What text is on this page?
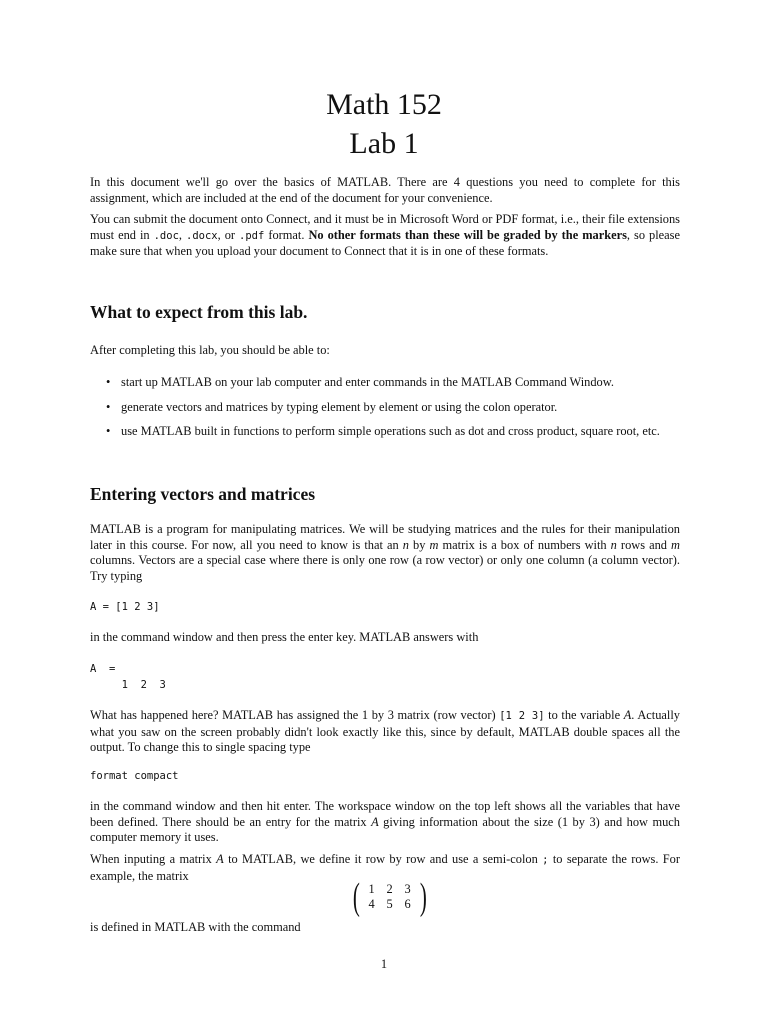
Math 152
Lab 1

In this document we'll go over the basics of MATLAB. There are 4 questions you need to complete for this assignment, which are included at the end of the document for your convenience.

You can submit the document onto Connect, and it must be in Microsoft Word or PDF format, i.e., their file extensions must end in .doc, .docx, or .pdf format. No other formats than these will be graded by the markers, so please make sure that when you upload your document to Connect that it is in one of these formats.

What to expect from this lab.

After completing this lab, you should be able to:

• start up MATLAB on your lab computer and enter commands in the MATLAB Command Window.
• generate vectors and matrices by typing element by element or using the colon operator.
• use MATLAB built in functions to perform simple operations such as dot and cross product, square root, etc.
Entering vectors and matrices

MATLAB is a program for manipulating matrices. We will be studying matrices and the rules for their manipulation later in this course. For now, all you need to know is that an n by m matrix is a box of numbers with n rows and m columns. Vectors are a special case where there is only one row (a row vector) or only one column (a column vector). Try typing

A = [1 2 3]

in the command window and then press the enter key. MATLAB answers with

A  =
1  2  3

What has happened here? MATLAB has assigned the 1 by 3 matrix (row vector) [1 2 3] to the variable A. Actually what you saw on the screen probably didn't look exactly like this, since by default, MATLAB double spaces all the output. To change this to single spacing type

format compact

in the command window and then hit enter. The workspace window on the top left shows all the variables that have been defined. There should be an entry for the matrix A giving information about the size (1 by 3) and how much computer memory it uses.

When inputing a matrix A to MATLAB, we define it row by row and use a semi-colon ; to separate the rows. For example, the matrix

( 1 2 3
4 5 6 )

is defined in MATLAB with the command

1
